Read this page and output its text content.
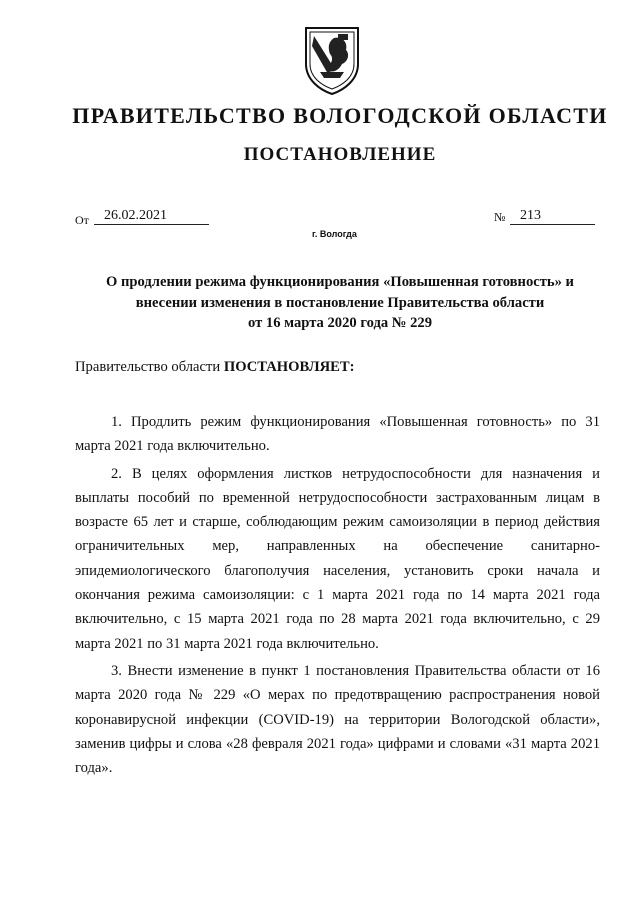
ПРАВИТЕЛЬСТВО ВОЛОГОДСКОЙ ОБЛАСТИ
ПОСТАНОВЛЕНИЕ
От	26.02.2021	№	213
г. Вологда
О продлении режима функционирования «Повышенная готовность» и
внесении изменения в постановление Правительства области
от 16 марта 2020 года № 229
Правительство области ПОСТАНОВЛЯЕТ:

1. Продлить режим функционирования «Повышенная готовность» по 31 марта 2021 года включительно.

2. В целях оформления листков нетрудоспособности для назначения и выплаты пособий по временной нетрудоспособности застрахованным лицам в возрасте 65 лет и старше, соблюдающим режим самоизоляции в период действия ограничительных мер, направленных на обеспечение санитарно-эпидемиологического благополучия населения, установить сроки начала и окончания режима самоизоляции: с 1 марта 2021 года по 14 марта 2021 года включительно, с 15 марта 2021 года по 28 марта 2021 года включительно, с 29 марта 2021 по 31 марта 2021 года включительно.

3. Внести изменение в пункт 1 постановления Правительства области от 16 марта 2020 года № 229 «О мерах по предотвращению распространения новой коронавирусной инфекции (COVID-19) на территории Вологодской области», заменив цифры и слова «28 февраля 2021 года» цифрами и словами «31 марта 2021 года».
